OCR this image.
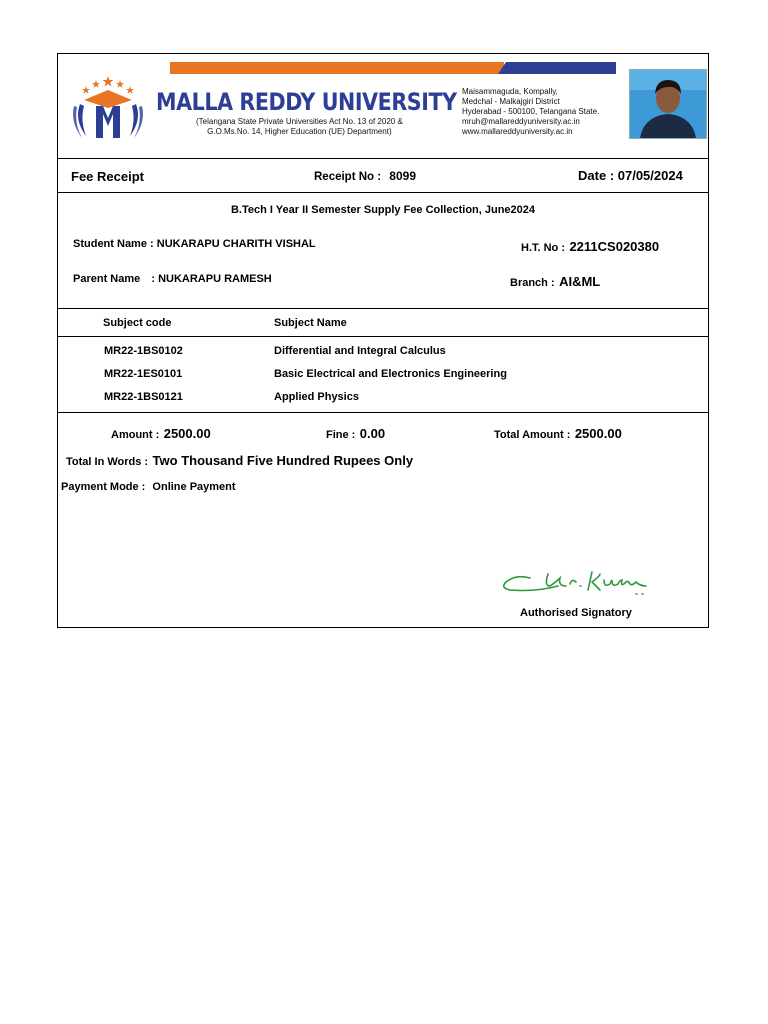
MALLA REDDY UNIVERSITY
(Telangana State Private Universities Act No. 13 of 2020 &
G.O.Ms.No. 14, Higher Education (UE) Department)
Maisammaguda, Kompally,
Medchal - Malkajgiri District
Hyderabad - 500100, Telangana State.
mruh@mallareddyuniversity.ac.in
www.mallareddyuniversity.ac.in
Fee Receipt	Receipt No : 8099	Date : 07/05/2024
B.Tech I Year II Semester Supply Fee Collection, June2024
Student Name : NUKARAPU CHARITH VISHAL	H.T. No : 2211CS020380
Parent Name : NUKARAPU RAMESH	Branch : AI&ML
Subject code	Subject Name
MR22-1BS0102	Differential and Integral Calculus
MR22-1ES0101	Basic Electrical and Electronics Engineering
MR22-1BS0121	Applied Physics
Amount : 2500.00	Fine : 0.00	Total Amount : 2500.00
Total In Words : Two Thousand Five Hundred Rupees Only
Payment Mode : Online Payment
Authorised Signatory
